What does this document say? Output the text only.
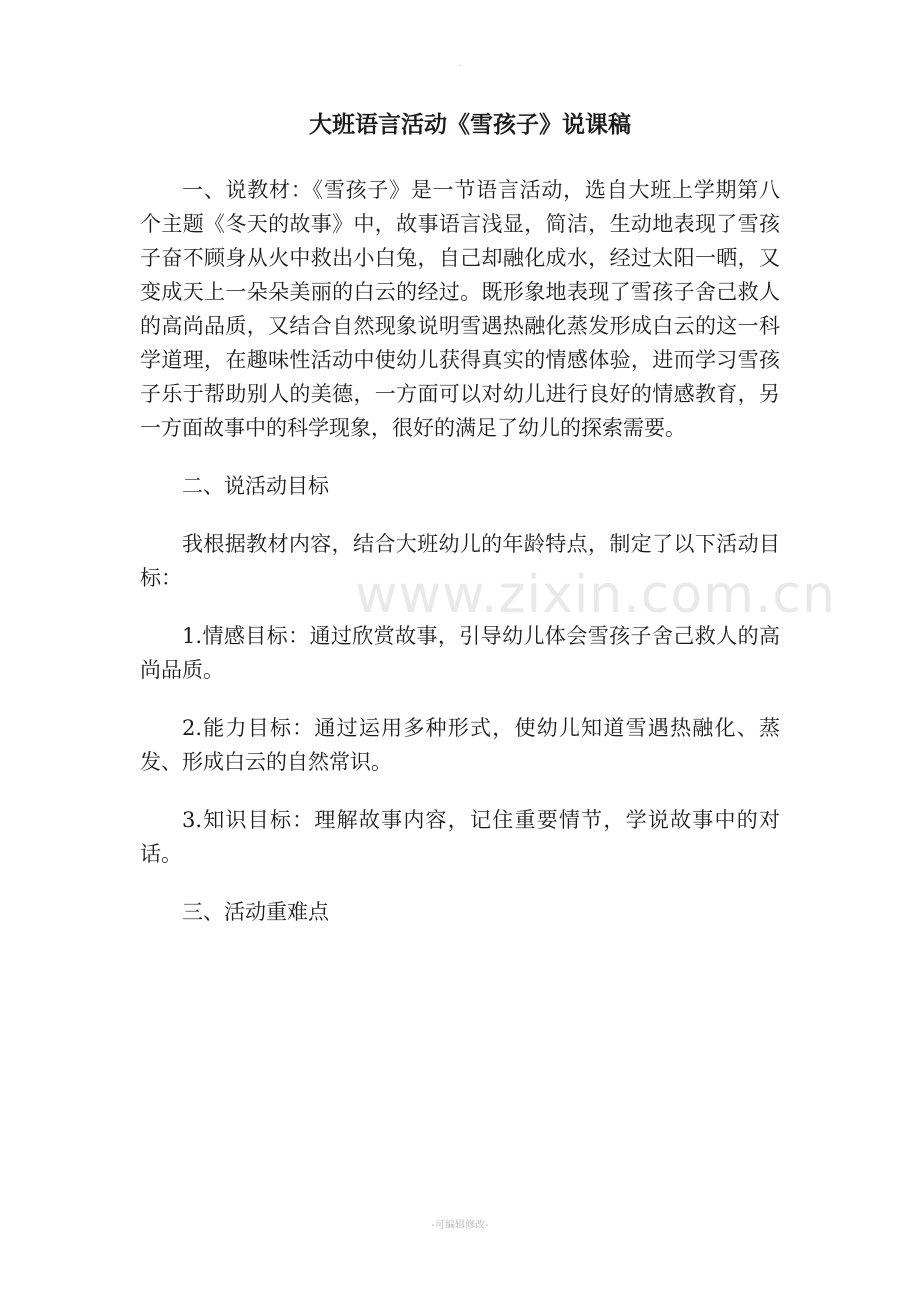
.
www.zixin.com.cn
大班语言活动《雪孩子》说课稿

一、说教材：《雪孩子》是一节语言活动，选自大班上学期第八个主题《冬天的故事》中，故事语言浅显，简洁，生动地表现了雪孩子奋不顾身从火中救出小白兔，自己却融化成水，经过太阳一晒，又变成天上一朵朵美丽的白云的经过。既形象地表现了雪孩子舍己救人的高尚品质，又结合自然现象说明雪遇热融化蒸发形成白云的这一科学道理，在趣味性活动中使幼儿获得真实的情感体验，进而学习雪孩子乐于帮助别人的美德，一方面可以对幼儿进行良好的情感教育，另一方面故事中的科学现象，很好的满足了幼儿的探索需要。

二、说活动目标

我根据教材内容，结合大班幼儿的年龄特点，制定了以下活动目标：

1.情感目标：通过欣赏故事，引导幼儿体会雪孩子舍己救人的高尚品质。

2.能力目标：通过运用多种形式，使幼儿知道雪遇热融化、蒸发、形成白云的自然常识。

3.知识目标：理解故事内容，记住重要情节，学说故事中的对话。

三、活动重难点

-可编辑修改-
